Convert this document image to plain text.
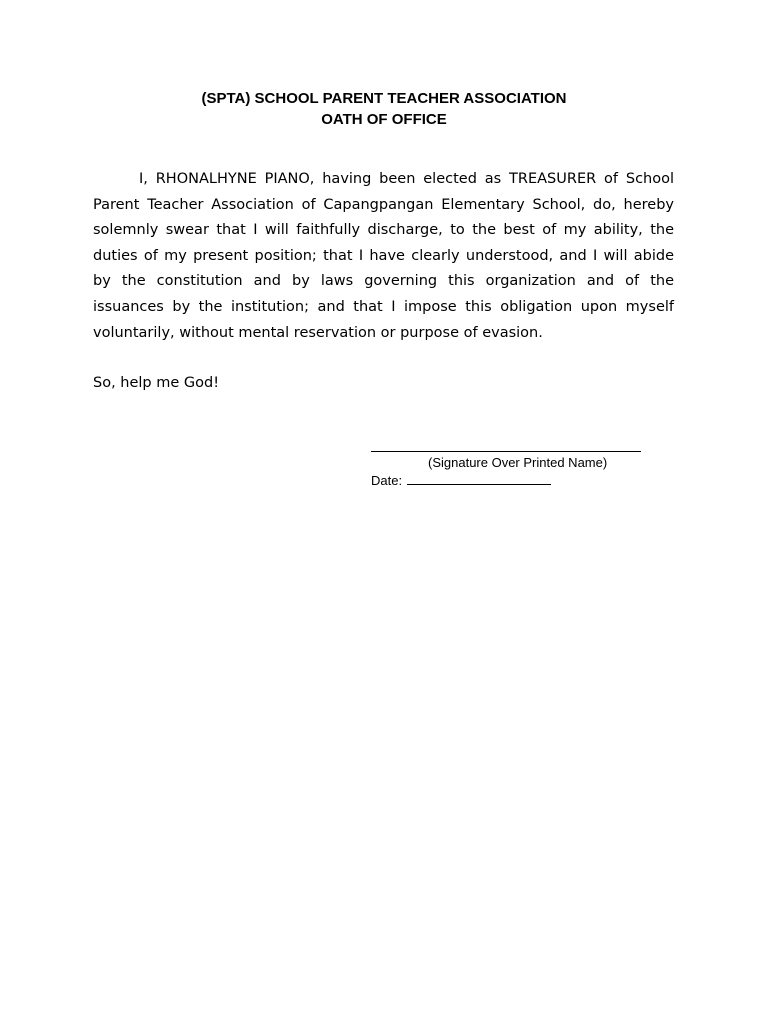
(SPTA) SCHOOL PARENT TEACHER ASSOCIATION
OATH OF OFFICE

I, RHONALHYNE PIANO, having been elected as TREASURER of School Parent Teacher Association of Capangpangan Elementary School, do, hereby solemnly swear that I will faithfully discharge, to the best of my ability, the duties of my present position; that I have clearly understood, and I will abide by the constitution and by laws governing this organization and of the issuances by the institution; and that I impose this obligation upon myself voluntarily, without mental reservation or purpose of evasion.

So, help me God!

(Signature Over Printed Name)
Date:
